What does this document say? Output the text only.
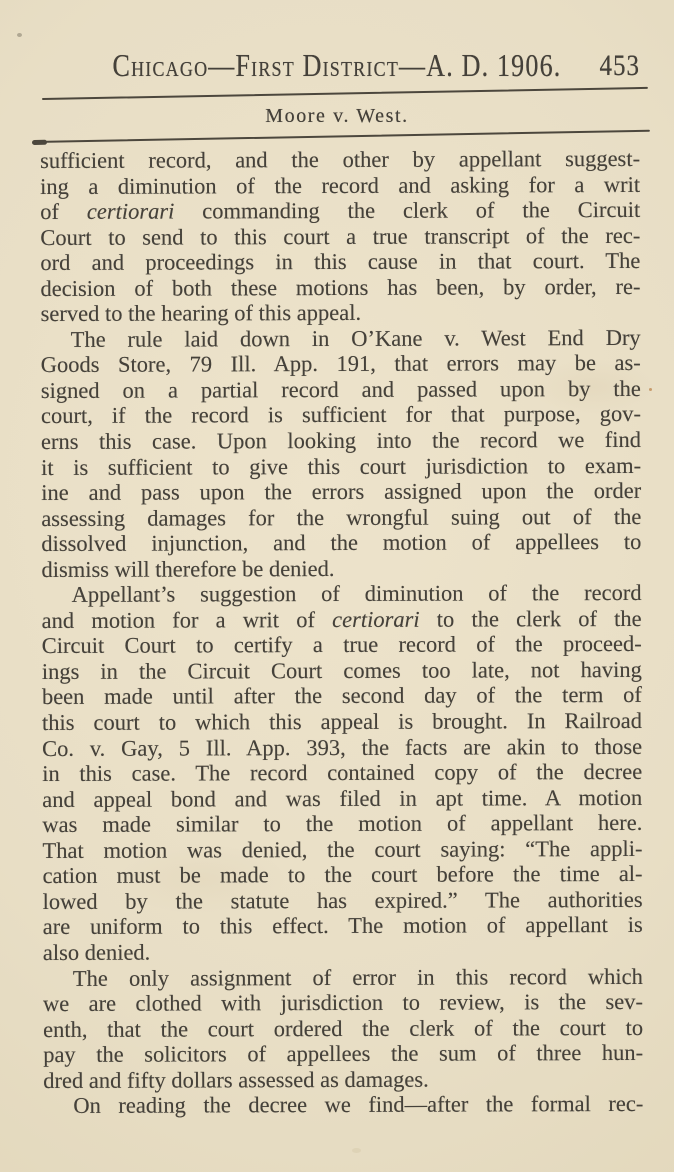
Chicago—First District—A. D. 1906.	453
Moore v. West.
sufficient record, and the other by appellant suggest-
ing a diminution of the record and asking for a writ
of certiorari commanding the clerk of the Circuit
Court to send to this court a true transcript of the rec-
ord and proceedings in this cause in that court. The
decision of both these motions has been, by order, re-
served to the hearing of this appeal.
The rule laid down in O’Kane v. West End Dry
Goods Store, 79 Ill. App. 191, that errors may be as-
signed on a partial record and passed upon by the
court, if the record is sufficient for that purpose, gov-
erns this case. Upon looking into the record we find
it is sufficient to give this court jurisdiction to exam-
ine and pass upon the errors assigned upon the order
assessing damages for the wrongful suing out of the
dissolved injunction, and the motion of appellees to
dismiss will therefore be denied.
Appellant’s suggestion of diminution of the record
and motion for a writ of certiorari to the clerk of the
Circuit Court to certify a true record of the proceed-
ings in the Circuit Court comes too late, not having
been made until after the second day of the term of
this court to which this appeal is brought. In Railroad
Co. v. Gay, 5 Ill. App. 393, the facts are akin to those
in this case. The record contained copy of the decree
and appeal bond and was filed in apt time. A motion
was made similar to the motion of appellant here.
That motion was denied, the court saying: “The appli-
cation must be made to the court before the time al-
lowed by the statute has expired.” The authorities
are uniform to this effect. The motion of appellant is
also denied.
The only assignment of error in this record which
we are clothed with jurisdiction to review, is the sev-
enth, that the court ordered the clerk of the court to
pay the solicitors of appellees the sum of three hun-
dred and fifty dollars assessed as damages.
On reading the decree we find—after the formal rec-
